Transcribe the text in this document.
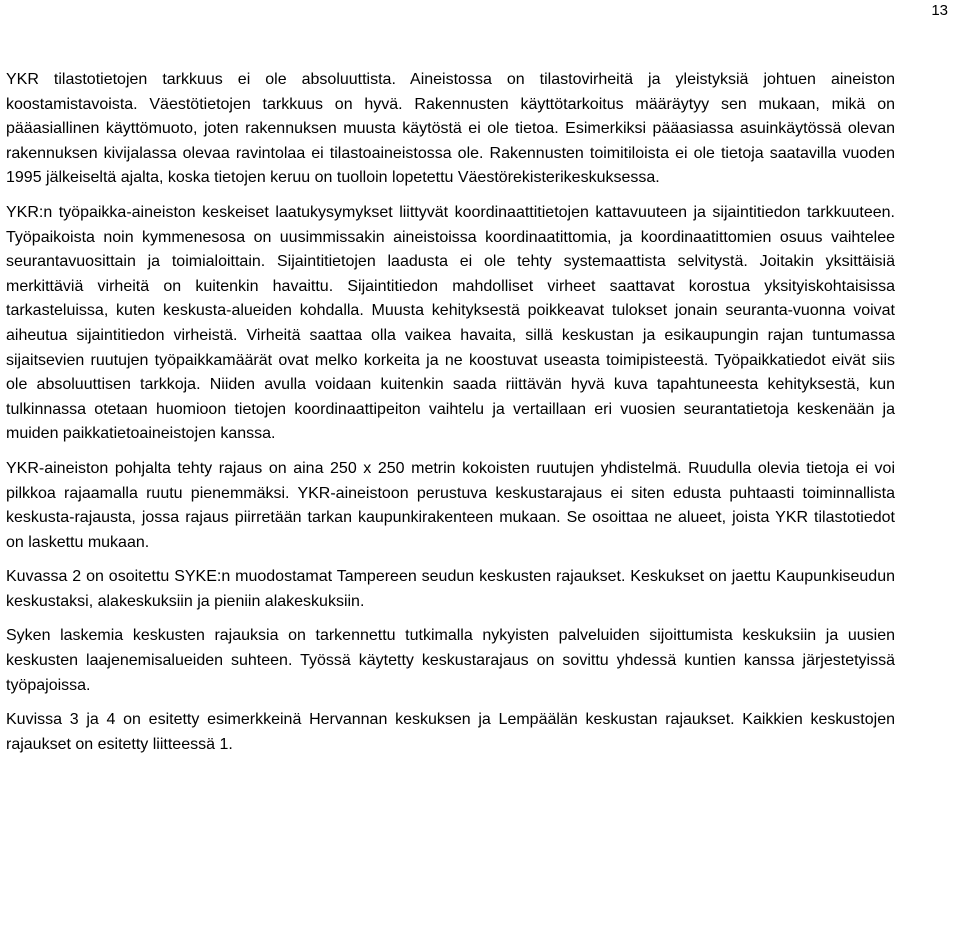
13

YKR tilastotietojen tarkkuus ei ole absoluuttista. Aineistossa on tilastovirheitä ja yleistyksiä johtuen aineiston koostamistavoista. Väestötietojen tarkkuus on hyvä. Rakennusten käyttötarkoitus määräytyy sen mukaan, mikä on pääasiallinen käyttömuoto, joten rakennuksen muusta käytöstä ei ole tietoa. Esimerkiksi pääasiassa asuinkäytössä olevan rakennuksen kivijalassa olevaa ravintolaa ei tilastoaineistossa ole. Rakennusten toimitiloista ei ole tietoja saatavilla vuoden 1995 jälkeiseltä ajalta, koska tietojen keruu on tuolloin lopetettu Väestörekisterikeskuksessa.

YKR:n työpaikka-aineiston keskeiset laatukysymykset liittyvät koordinaattitietojen kattavuuteen ja sijaintitiedon tarkkuuteen. Työpaikoista noin kymmenesosa on uusimmissakin aineistoissa koordinaatittomia, ja koordinaatittomien osuus vaihtelee seurantavuosittain ja toimialoittain. Sijaintitietojen laadusta ei ole tehty systemaattista selvitystä. Joitakin yksittäisiä merkittäviä virheitä on kuitenkin havaittu. Sijaintitiedon mahdolliset virheet saattavat korostua yksityiskohtaisissa tarkasteluissa, kuten keskusta-alueiden kohdalla. Muusta kehityksestä poikkeavat tulokset jonain seuranta-vuonna voivat aiheutua sijaintitiedon virheistä. Virheitä saattaa olla vaikea havaita, sillä keskustan ja esikaupungin rajan tuntumassa sijaitsevien ruutujen työpaikkamäärät ovat melko korkeita ja ne koostuvat useasta toimipisteestä. Työpaikkatiedot eivät siis ole absoluuttisen tarkkoja. Niiden avulla voidaan kuitenkin saada riittävän hyvä kuva tapahtuneesta kehityksestä, kun tulkinnassa otetaan huomioon tietojen koordinaattipeiton vaihtelu ja vertaillaan eri vuosien seurantatietoja keskenään ja muiden paikkatietoaineistojen kanssa.

YKR-aineiston pohjalta tehty rajaus on aina 250 x 250 metrin kokoisten ruutujen yhdistelmä. Ruudulla olevia tietoja ei voi pilkkoa rajaamalla ruutu pienemmäksi. YKR-aineistoon perustuva keskustarajaus ei siten edusta puhtaasti toiminnallista keskusta-rajausta, jossa rajaus piirretään tarkan kaupunkirakenteen mukaan. Se osoittaa ne alueet, joista YKR tilastotiedot on laskettu mukaan.

Kuvassa 2 on osoitettu SYKE:n muodostamat Tampereen seudun keskusten rajaukset. Keskukset on jaettu Kaupunkiseudun keskustaksi, alakeskuksiin ja pieniin alakeskuksiin.

Syken laskemia keskusten rajauksia on tarkennettu tutkimalla nykyisten palveluiden sijoittumista keskuksiin ja uusien keskusten laajenemisalueiden suhteen. Työssä käytetty keskustarajaus on sovittu yhdessä kuntien kanssa järjestetyissä työpajoissa.

Kuvissa 3 ja 4 on esitetty esimerkkeinä Hervannan keskuksen ja Lempäälän keskustan rajaukset. Kaikkien keskustojen rajaukset on esitetty liitteessä 1.
